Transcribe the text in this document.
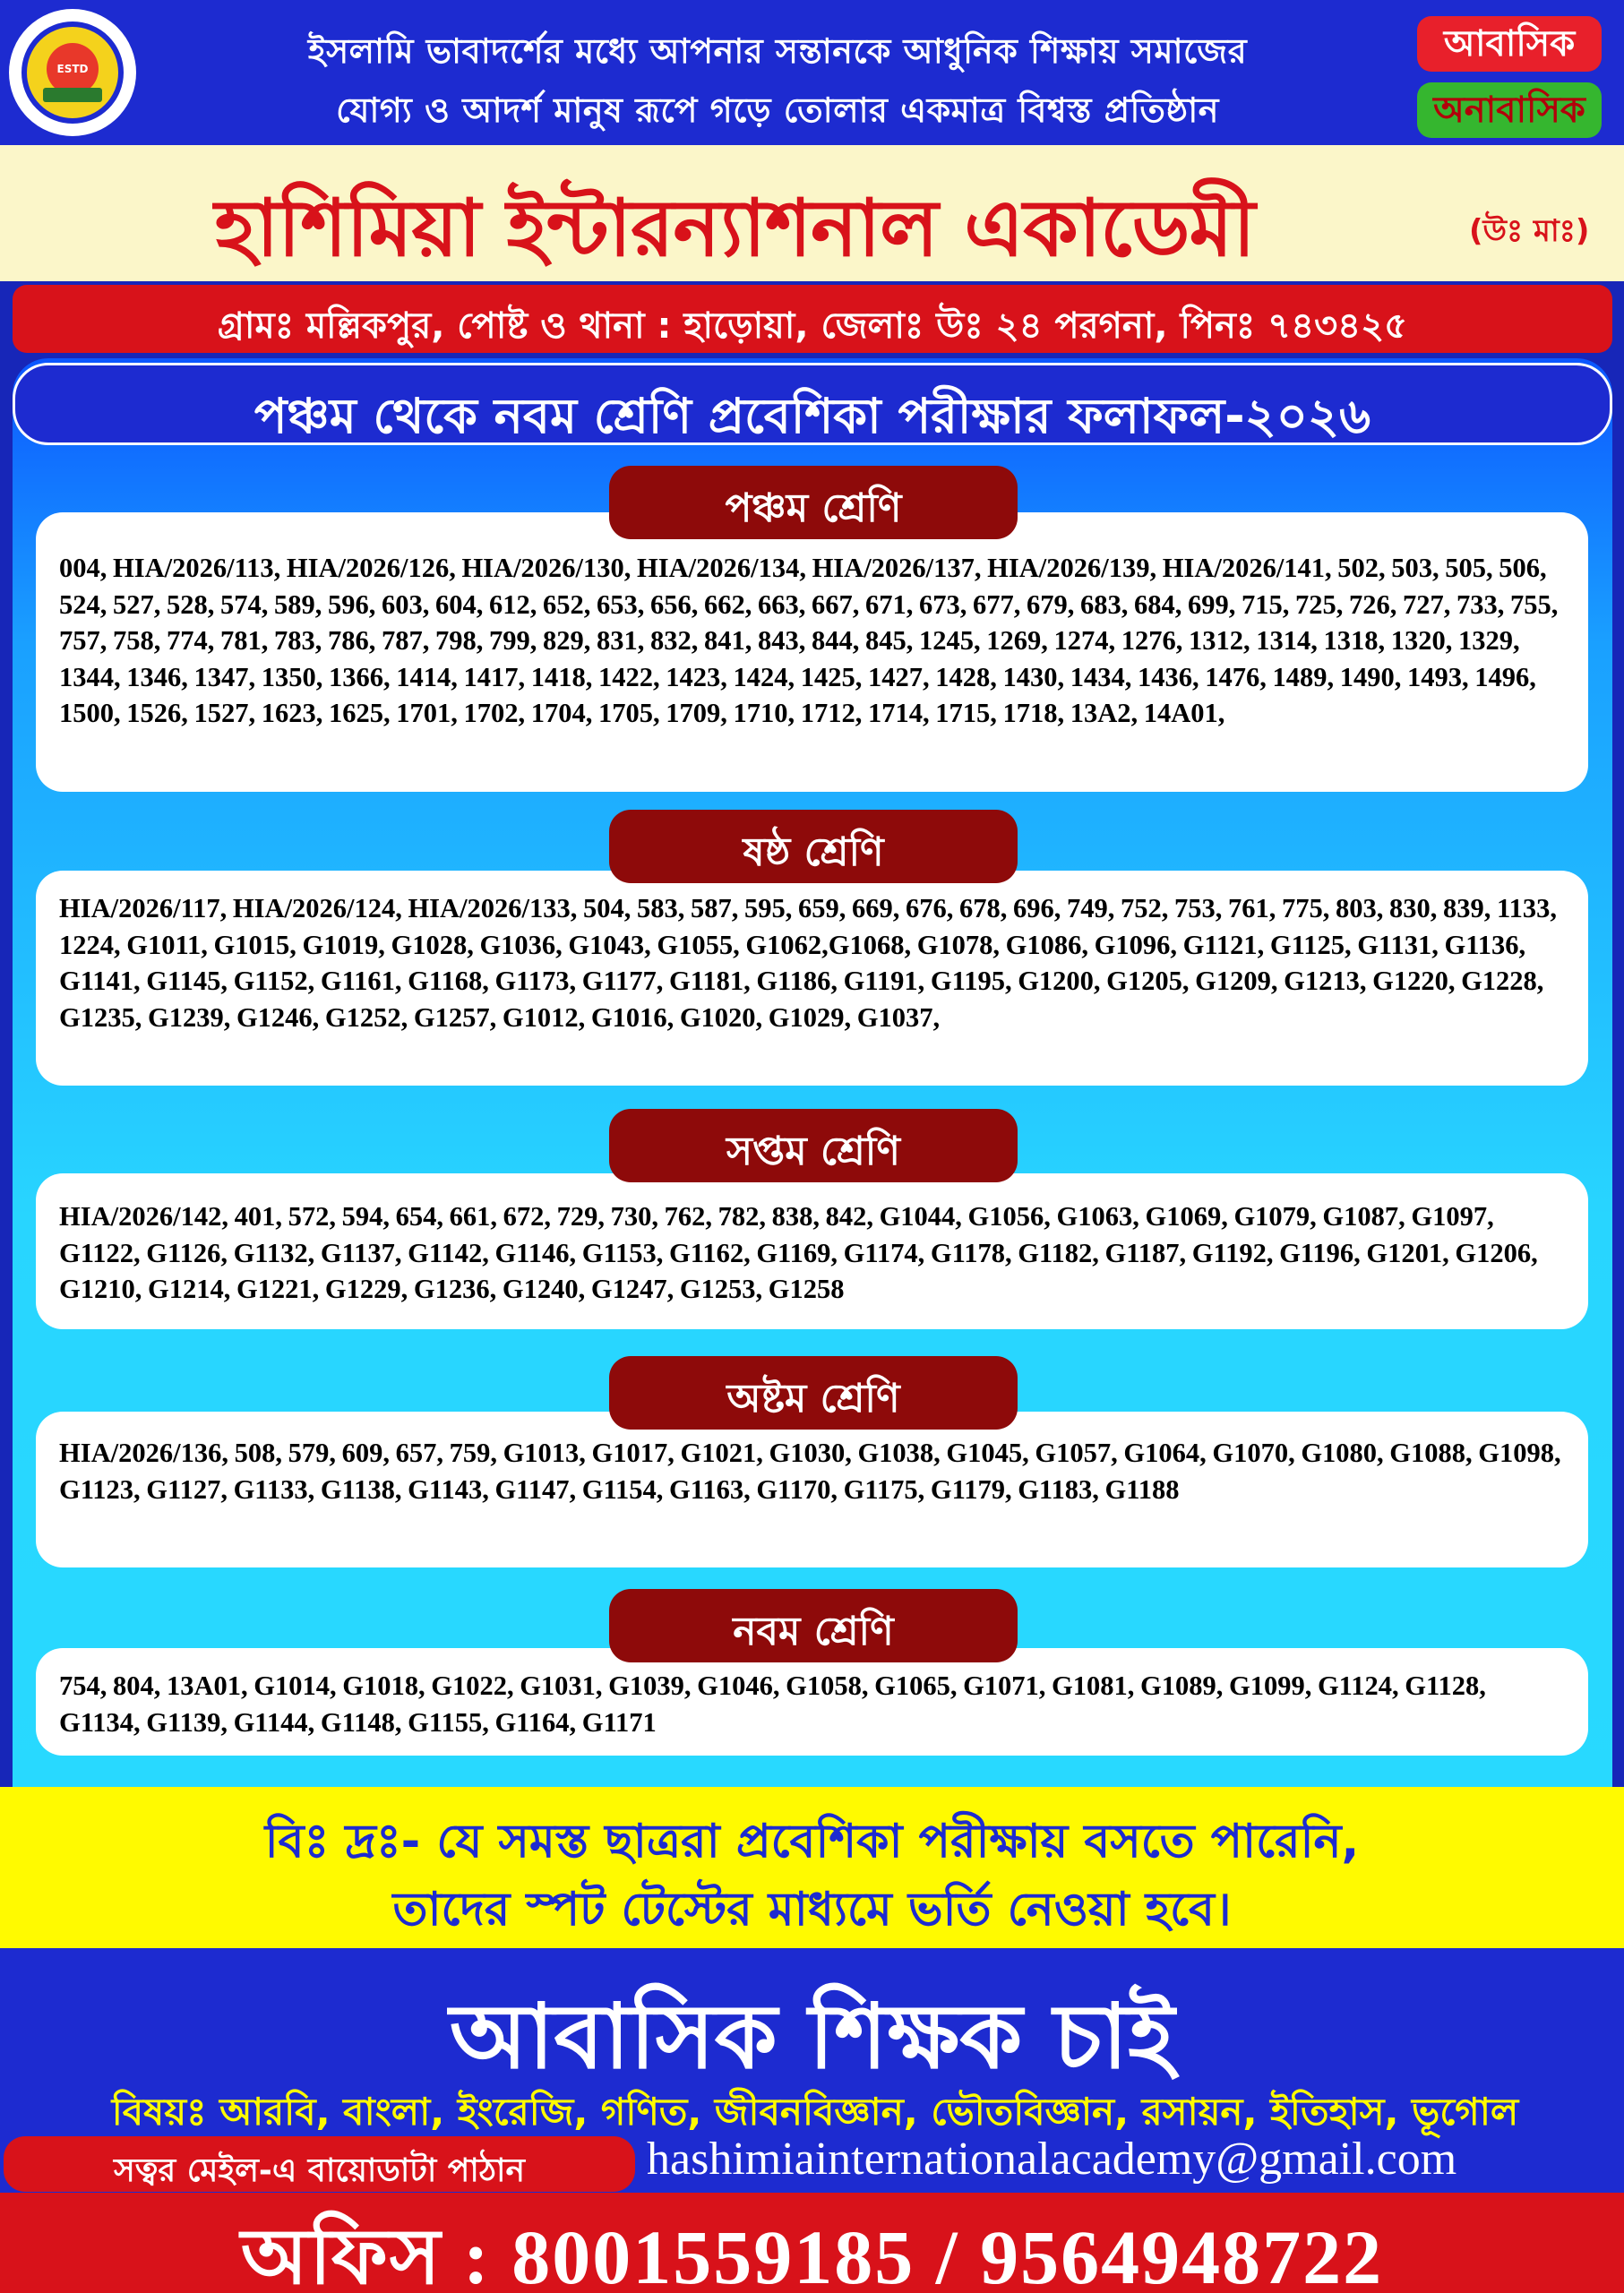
ESTD	ইসলামি ভাবাদর্শের মধ্যে আপনার সন্তানকে আধুনিক শিক্ষায় সমাজের
যোগ্য ও আদর্শ মানুষ রূপে গড়ে তোলার একমাত্র বিশ্বস্ত প্রতিষ্ঠান
আবাসিক
অনাবাসিক
হাশিমিয়া ইন্টারন্যাশনাল একাডেমী	(উঃ মাঃ)
গ্রামঃ মল্লিকপুর, পোষ্ট ও থানা : হাড়োয়া, জেলাঃ উঃ ২৪ পরগনা, পিনঃ ৭৪৩৪২৫
পঞ্চম থেকে নবম শ্রেণি প্রবেশিকা পরীক্ষার ফলাফল-২০২৬
004, HIA/2026/113, HIA/2026/126, HIA/2026/130, HIA/2026/134, HIA/2026/137, HIA/2026/139, HIA/2026/141, 502, 503, 505, 506, 524, 527, 528, 574, 589, 596, 603, 604, 612, 652, 653, 656, 662, 663, 667, 671, 673, 677, 679, 683, 684, 699, 715, 725, 726, 727, 733, 755, 757, 758, 774, 781, 783, 786, 787, 798, 799, 829, 831, 832, 841, 843, 844, 845, 1245, 1269, 1274, 1276, 1312, 1314, 1318, 1320, 1329, 1344, 1346, 1347, 1350, 1366, 1414, 1417, 1418, 1422, 1423, 1424, 1425, 1427, 1428, 1430, 1434, 1436, 1476, 1489, 1490, 1493, 1496, 1500, 1526, 1527, 1623, 1625, 1701, 1702, 1704, 1705, 1709, 1710, 1712, 1714, 1715, 1718, 13A2, 14A01,
পঞ্চম শ্রেণি
HIA/2026/117, HIA/2026/124, HIA/2026/133, 504, 583, 587, 595, 659, 669, 676, 678, 696, 749, 752, 753, 761, 775, 803, 830, 839, 1133, 1224, G1011, G1015, G1019, G1028, G1036, G1043, G1055, G1062,G1068, G1078, G1086, G1096, G1121, G1125, G1131, G1136, G1141, G1145, G1152, G1161, G1168, G1173, G1177, G1181, G1186, G1191, G1195, G1200, G1205, G1209, G1213, G1220, G1228, G1235, G1239, G1246, G1252, G1257, G1012, G1016, G1020, G1029, G1037,
ষষ্ঠ শ্রেণি
HIA/2026/142, 401, 572, 594, 654, 661, 672, 729, 730, 762, 782, 838, 842, G1044, G1056, G1063, G1069, G1079, G1087, G1097, G1122, G1126, G1132, G1137, G1142, G1146, G1153, G1162, G1169, G1174, G1178, G1182, G1187, G1192, G1196, G1201, G1206, G1210, G1214, G1221, G1229, G1236, G1240, G1247, G1253, G1258
সপ্তম শ্রেণি
HIA/2026/136, 508, 579, 609, 657, 759, G1013, G1017, G1021, G1030, G1038, G1045, G1057, G1064, G1070, G1080, G1088, G1098, G1123, G1127, G1133, G1138, G1143, G1147, G1154, G1163, G1170, G1175, G1179, G1183, G1188
অষ্টম শ্রেণি
754, 804, 13A01, G1014, G1018, G1022, G1031, G1039, G1046, G1058, G1065, G1071, G1081, G1089, G1099, G1124, G1128, G1134, G1139, G1144, G1148, G1155, G1164, G1171
নবম শ্রেণি
বিঃ দ্রঃ- যে সমস্ত ছাত্ররা প্রবেশিকা পরীক্ষায় বসতে পারেনি,
তাদের স্পট টেস্টের মাধ্যমে ভর্তি নেওয়া হবে।
আবাসিক শিক্ষক চাই
বিষয়ঃ আরবি, বাংলা, ইংরেজি, গণিত, জীবনবিজ্ঞান, ভৌতবিজ্ঞান, রসায়ন, ইতিহাস, ভূগোল
সত্বর মেইল-এ বায়োডাটা পাঠান	hashimiainternationalacademy@gmail.com
অফিস : 8001559185 / 9564948722
